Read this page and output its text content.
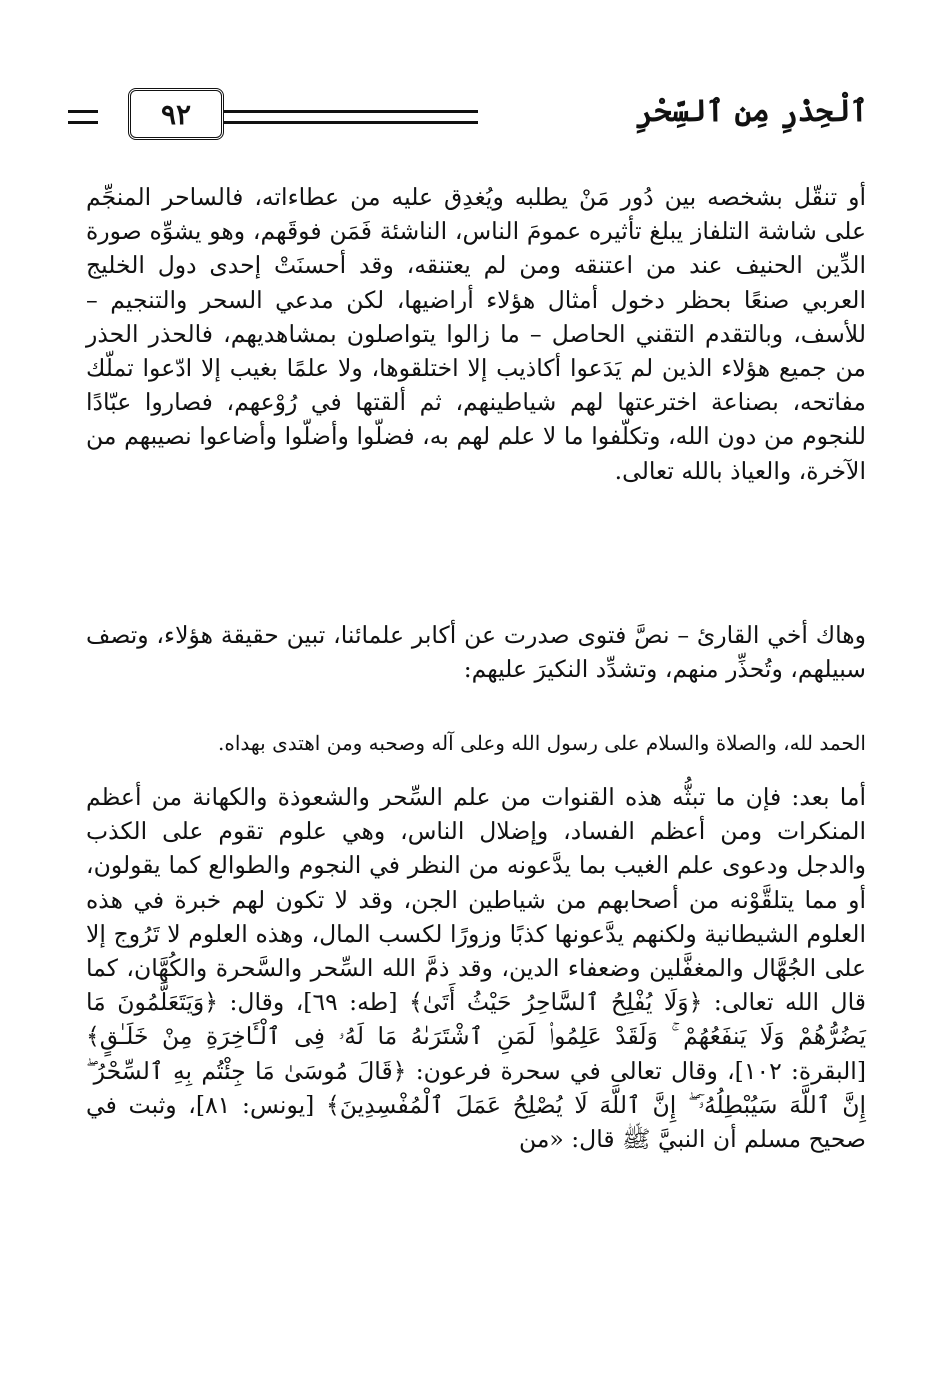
٩٢	ٱلْحِذْرِ مِن ٱلسِّحْرِ

أو تنقّل بشخصه بين دُور مَنْ يطلبه ويُغدِق عليه من عطاءاته، فالساحر المنجِّم على شاشة التلفاز يبلغ تأثيره عمومَ الناس، الناشئة فَمَن فوقَهم، وهو يشوِّه صورة الدِّين الحنيف عند من اعتنقه ومن لم يعتنقه، وقد أحسنَتْ إحدى دول الخليج العربي صنعًا بحظر دخول أمثال هؤلاء أراضيها، لكن مدعي السحر والتنجيم – للأسف، وبالتقدم التقني الحاصل – ما زالوا يتواصلون بمشاهديهم، فالحذر الحذر من جميع هؤلاء الذين لم يَدَعوا أكاذيب إلا اختلقوها، ولا علمًا بغيب إلا ادّعوا تملّك مفاتحه، بصناعة اخترعتها لهم شياطينهم، ثم ألقتها في رُوْعهم، فصاروا عبّادًا للنجوم من دون الله، وتكلّفوا ما لا علم لهم به، فضلّوا وأضلّوا وأضاعوا نصيبهم من الآخرة، والعياذ بالله تعالى.

وهاك أخي القارئ – نصَّ فتوى صدرت عن أكابر علمائنا، تبين حقيقة هؤلاء، وتصف سبيلهم، وتُحذِّر منهم، وتشدِّد النكيرَ عليهم:

الحمد لله، والصلاة والسلام على رسول الله وعلى آله وصحبه ومن اهتدى بهداه.

أما بعد: فإن ما تبثُّه هذه القنوات من علم السِّحر والشعوذة والكهانة من أعظم المنكرات ومن أعظم الفساد، وإضلال الناس، وهي علوم تقوم على الكذب والدجل ودعوى علم الغيب بما يدَّعونه من النظر في النجوم والطوالع كما يقولون، أو مما يتلقَّوْنه من أصحابهم من شياطين الجن، وقد لا تكون لهم خبرة في هذه العلوم الشيطانية ولكنهم يدَّعونها كذبًا وزورًا لكسب المال، وهذه العلوم لا تَرُوج إلا على الجُهَّال والمغفَّلين وضعفاء الدين، وقد ذمَّ الله السِّحر والسَّحرة والكُهَّان، كما قال الله تعالى: ﴿وَلَا يُفْلِحُ ٱلسَّاحِرُ حَيْثُ أَتَىٰ﴾ [طه: ٦٩]، وقال: ﴿وَيَتَعَلَّمُونَ مَا يَضُرُّهُمْ وَلَا يَنفَعُهُمْ ۚ وَلَقَدْ عَلِمُوا۟ لَمَنِ ٱشْتَرَىٰهُ مَا لَهُۥ فِى ٱلْـَٔاخِرَةِ مِنْ خَلَـٰقٍ﴾ [البقرة: ١٠٢]، وقال تعالى في سحرة فرعون: ﴿قَالَ مُوسَىٰ مَا جِئْتُم بِهِ ٱلسِّحْرُ ۖ إِنَّ ٱللَّهَ سَيُبْطِلُهُۥٓ ۖ إِنَّ ٱللَّهَ لَا يُصْلِحُ عَمَلَ ٱلْمُفْسِدِينَ﴾ [يونس: ٨١]، وثبت في صحيح مسلم أن النبيَّ ﷺ قال: «من
